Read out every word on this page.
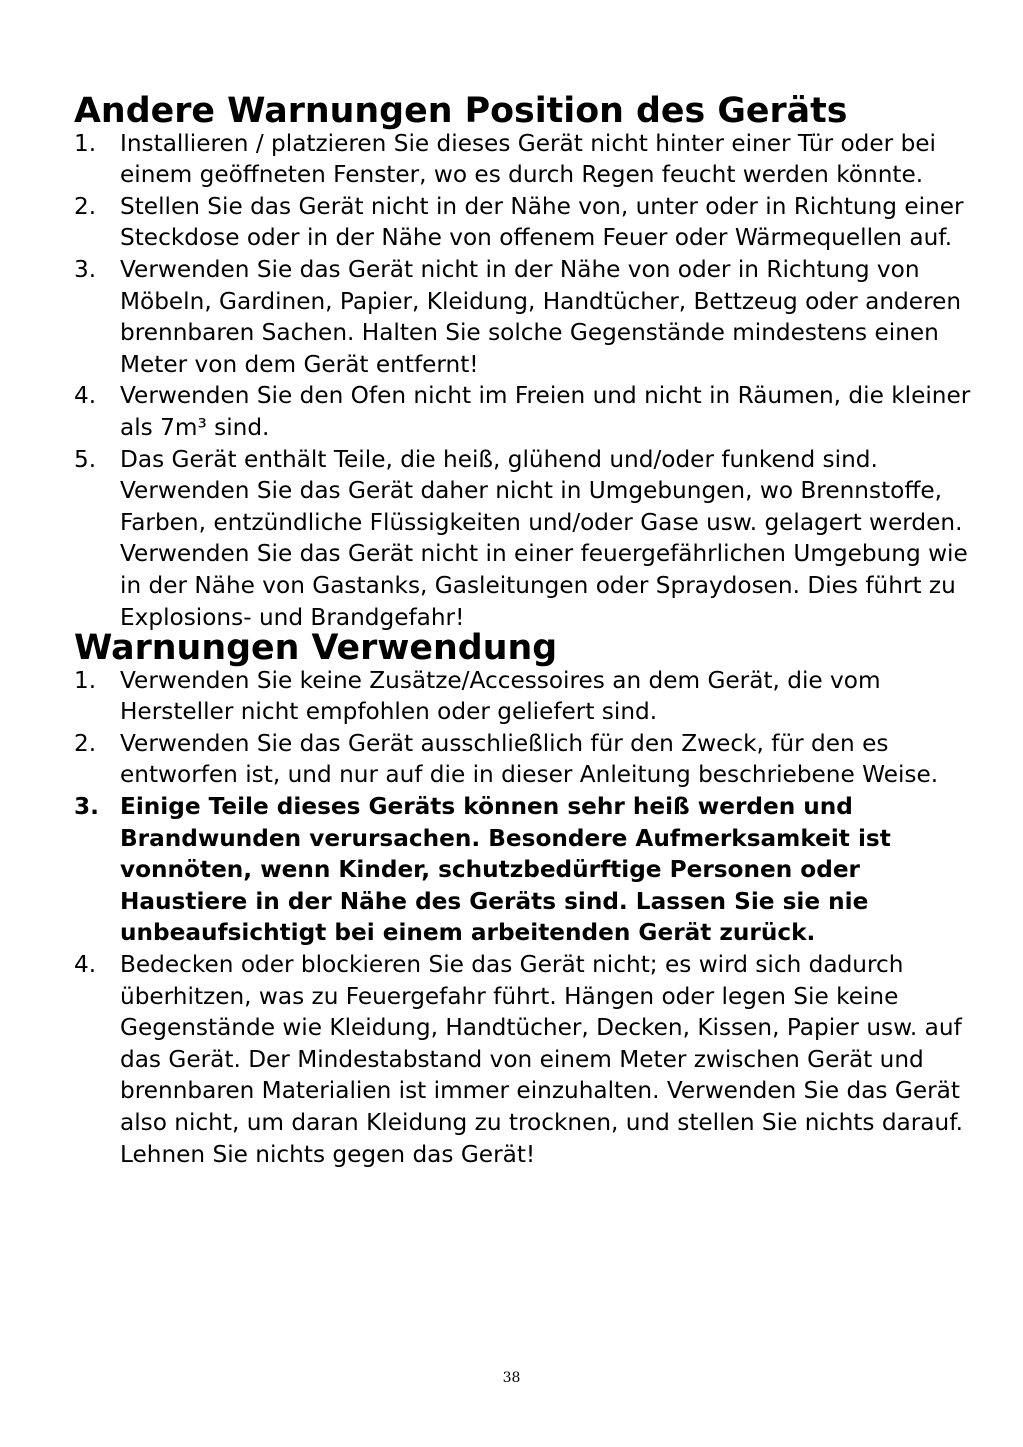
Andere Warnungen Position des Geräts
1. Installieren / platzieren Sie dieses Gerät nicht hinter einer Tür oder bei einem geöffneten Fenster, wo es durch Regen feucht werden könnte.
2. Stellen Sie das Gerät nicht in der Nähe von, unter oder in Richtung einer Steckdose oder in der Nähe von offenem Feuer oder Wärmequellen auf.
3. Verwenden Sie das Gerät nicht in der Nähe von oder in Richtung von Möbeln, Gardinen, Papier, Kleidung, Handtücher, Bettzeug oder anderen brennbaren Sachen. Halten Sie solche Gegenstände mindestens einen Meter von dem Gerät entfernt!
4. Verwenden Sie den Ofen nicht im Freien und nicht in Räumen, die kleiner als 7m³ sind.
5. Das Gerät enthält Teile, die heiß, glühend und/oder funkend sind. Verwenden Sie das Gerät daher nicht in Umgebungen, wo Brennstoffe, Farben, entzündliche Flüssigkeiten und/oder Gase usw. gelagert werden. Verwenden Sie das Gerät nicht in einer feuergefährlichen Umgebung wie in der Nähe von Gastanks, Gasleitungen oder Spraydosen. Dies führt zu Explosions- und Brandgefahr!
Warnungen Verwendung
1. Verwenden Sie keine Zusätze/Accessoires an dem Gerät, die vom Hersteller nicht empfohlen oder geliefert sind.
2. Verwenden Sie das Gerät ausschließlich für den Zweck, für den es entworfen ist, und nur auf die in dieser Anleitung beschriebene Weise.
3. Einige Teile dieses Geräts können sehr heiß werden und Brandwunden verursachen. Besondere Aufmerksamkeit ist vonnöten, wenn Kinder, schutzbedürftige Personen oder Haustiere in der Nähe des Geräts sind. Lassen Sie sie nie unbeaufsichtigt bei einem arbeitenden Gerät zurück.
4. Bedecken oder blockieren Sie das Gerät nicht; es wird sich dadurch überhitzen, was zu Feuergefahr führt. Hängen oder legen Sie keine Gegenstände wie Kleidung, Handtücher, Decken, Kissen, Papier usw. auf das Gerät. Der Mindestabstand von einem Meter zwischen Gerät und brennbaren Materialien ist immer einzuhalten. Verwenden Sie das Gerät also nicht, um daran Kleidung zu trocknen, und stellen Sie nichts darauf. Lehnen Sie nichts gegen das Gerät!
38
